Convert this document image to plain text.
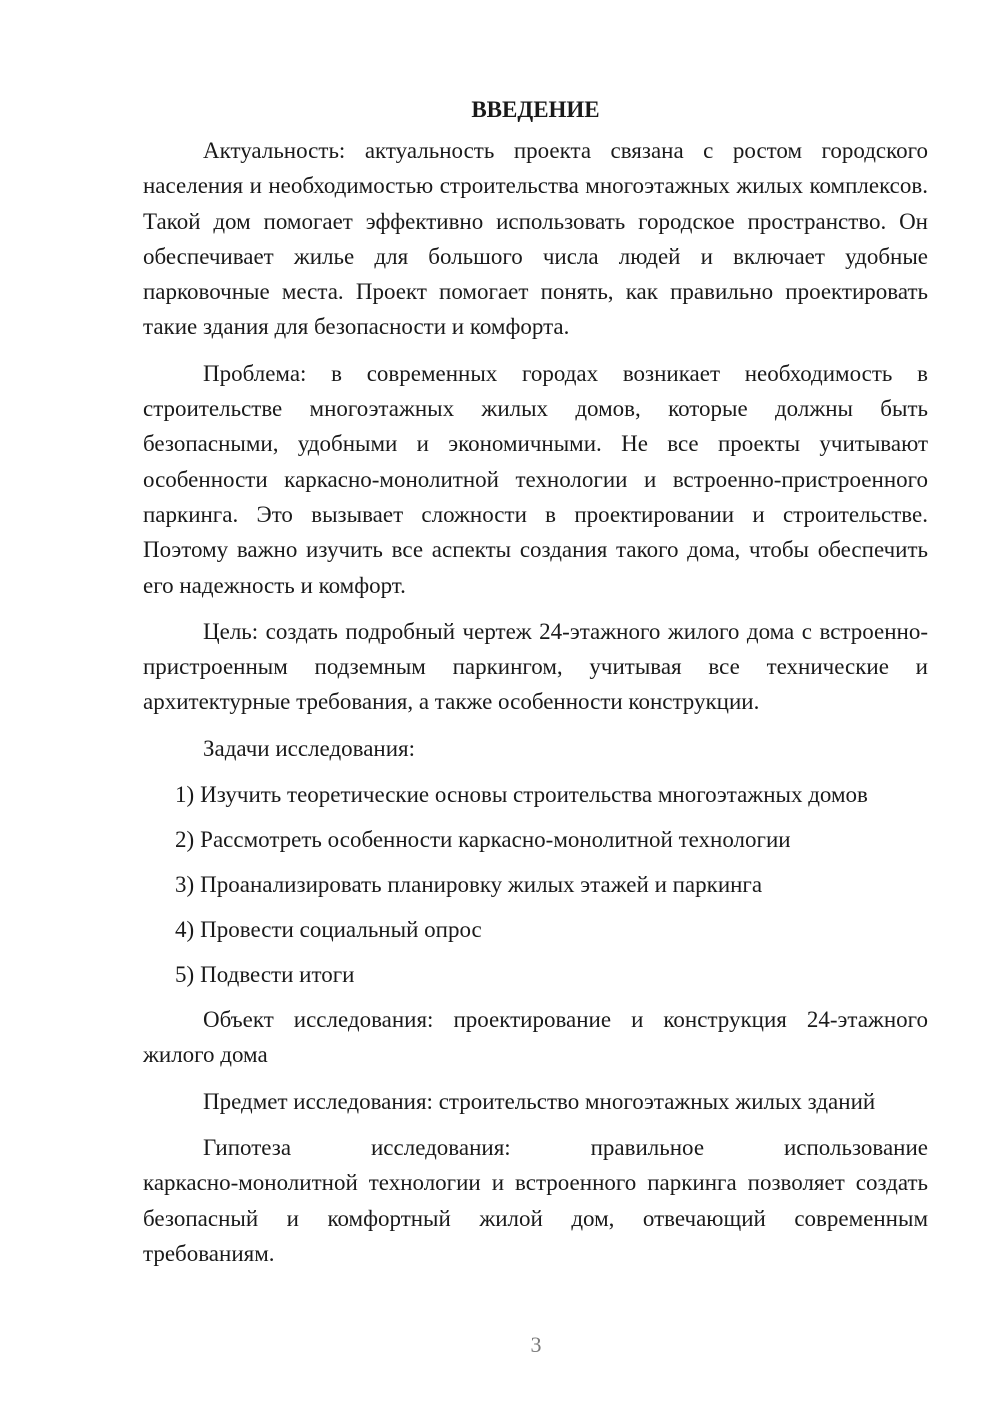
ВВЕДЕНИЕ

Актуальность: актуальность проекта связана с ростом городского населения и необходимостью строительства многоэтажных жилых комплексов. Такой дом помогает эффективно использовать городское пространство. Он обеспечивает жилье для большого числа людей и включает удобные парковочные места. Проект помогает понять, как правильно проектировать такие здания для безопасности и комфорта.

Проблема: в современных городах возникает необходимость в строительстве многоэтажных жилых домов, которые должны быть безопасными, удобными и экономичными. Не все проекты учитывают особенности каркасно-монолитной технологии и встроенно-пристроенного паркинга. Это вызывает сложности в проектировании и строительстве. Поэтому важно изучить все аспекты создания такого дома, чтобы обеспечить его надежность и комфорт.

Цель: создать подробный чертеж 24-этажного жилого дома с встроенно-пристроенным подземным паркингом, учитывая все технические и архитектурные требования, а также особенности конструкции.

Задачи исследования:

1) Изучить теоретические основы строительства многоэтажных домов
2) Рассмотреть особенности каркасно-монолитной технологии
3) Проанализировать планировку жилых этажей и паркинга
4) Провести социальный опрос
5) Подвести итоги

Объект исследования: проектирование и конструкция 24-этажного жилого дома

Предмет исследования: строительство многоэтажных жилых зданий

Гипотеза исследования: правильное использование

каркасно-монолитной технологии и встроенного паркинга позволяет создать безопасный и комфортный жилой дом, отвечающий современным требованиям.

3
